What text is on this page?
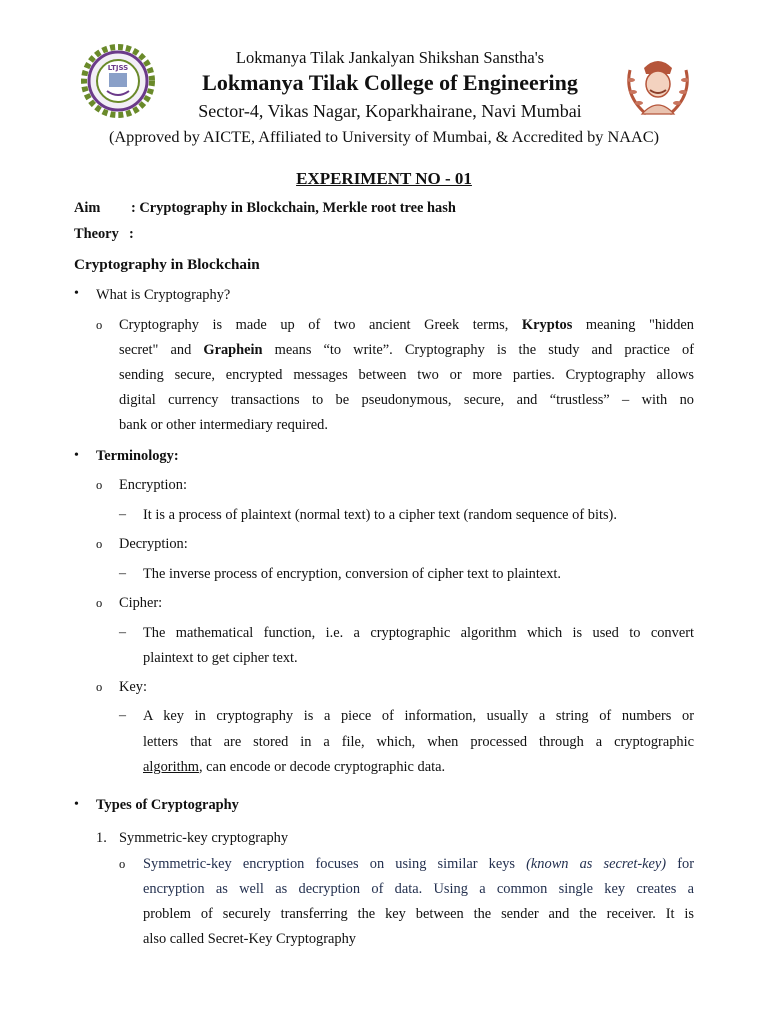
LTJSS
Lokmanya Tilak Jankalyan Shikshan Sanstha's
Lokmanya Tilak College of Engineering
Sector-4, Vikas Nagar, Koparkhairane, Navi Mumbai
(Approved by AICTE, Affiliated to University of Mumbai, & Accredited by NAAC)
EXPERIMENT NO - 01
Aim : Cryptography in Blockchain, Merkle root tree hash
Theory :
Cryptography in Blockchain
• What is Cryptography?
o Cryptography is made up of two ancient Greek terms, Kryptos meaning "hidden
secret" and Graphein means “to write”. Cryptography is the study and practice of
sending secure, encrypted messages between two or more parties. Cryptography allows
digital currency transactions to be pseudonymous, secure, and “trustless” – with no
bank or other intermediary required.
• Terminology:
o Encryption:
– It is a process of plaintext (normal text) to a cipher text (random sequence of bits).
o Decryption:
– The inverse process of encryption, conversion of cipher text to plaintext.
o Cipher:
– The mathematical function, i.e. a cryptographic algorithm which is used to convert
plaintext to get cipher text.
o Key:
– A key in cryptography is a piece of information, usually a string of numbers or
letters that are stored in a file, which, when processed through a cryptographic
algorithm, can encode or decode cryptographic data.
• Types of Cryptography
1. Symmetric-key cryptography
o Symmetric-key encryption focuses on using similar keys (known as secret-key) for
encryption as well as decryption of data. Using a common single key creates a
problem of securely transferring the key between the sender and the receiver. It is
also called Secret-Key Cryptography
